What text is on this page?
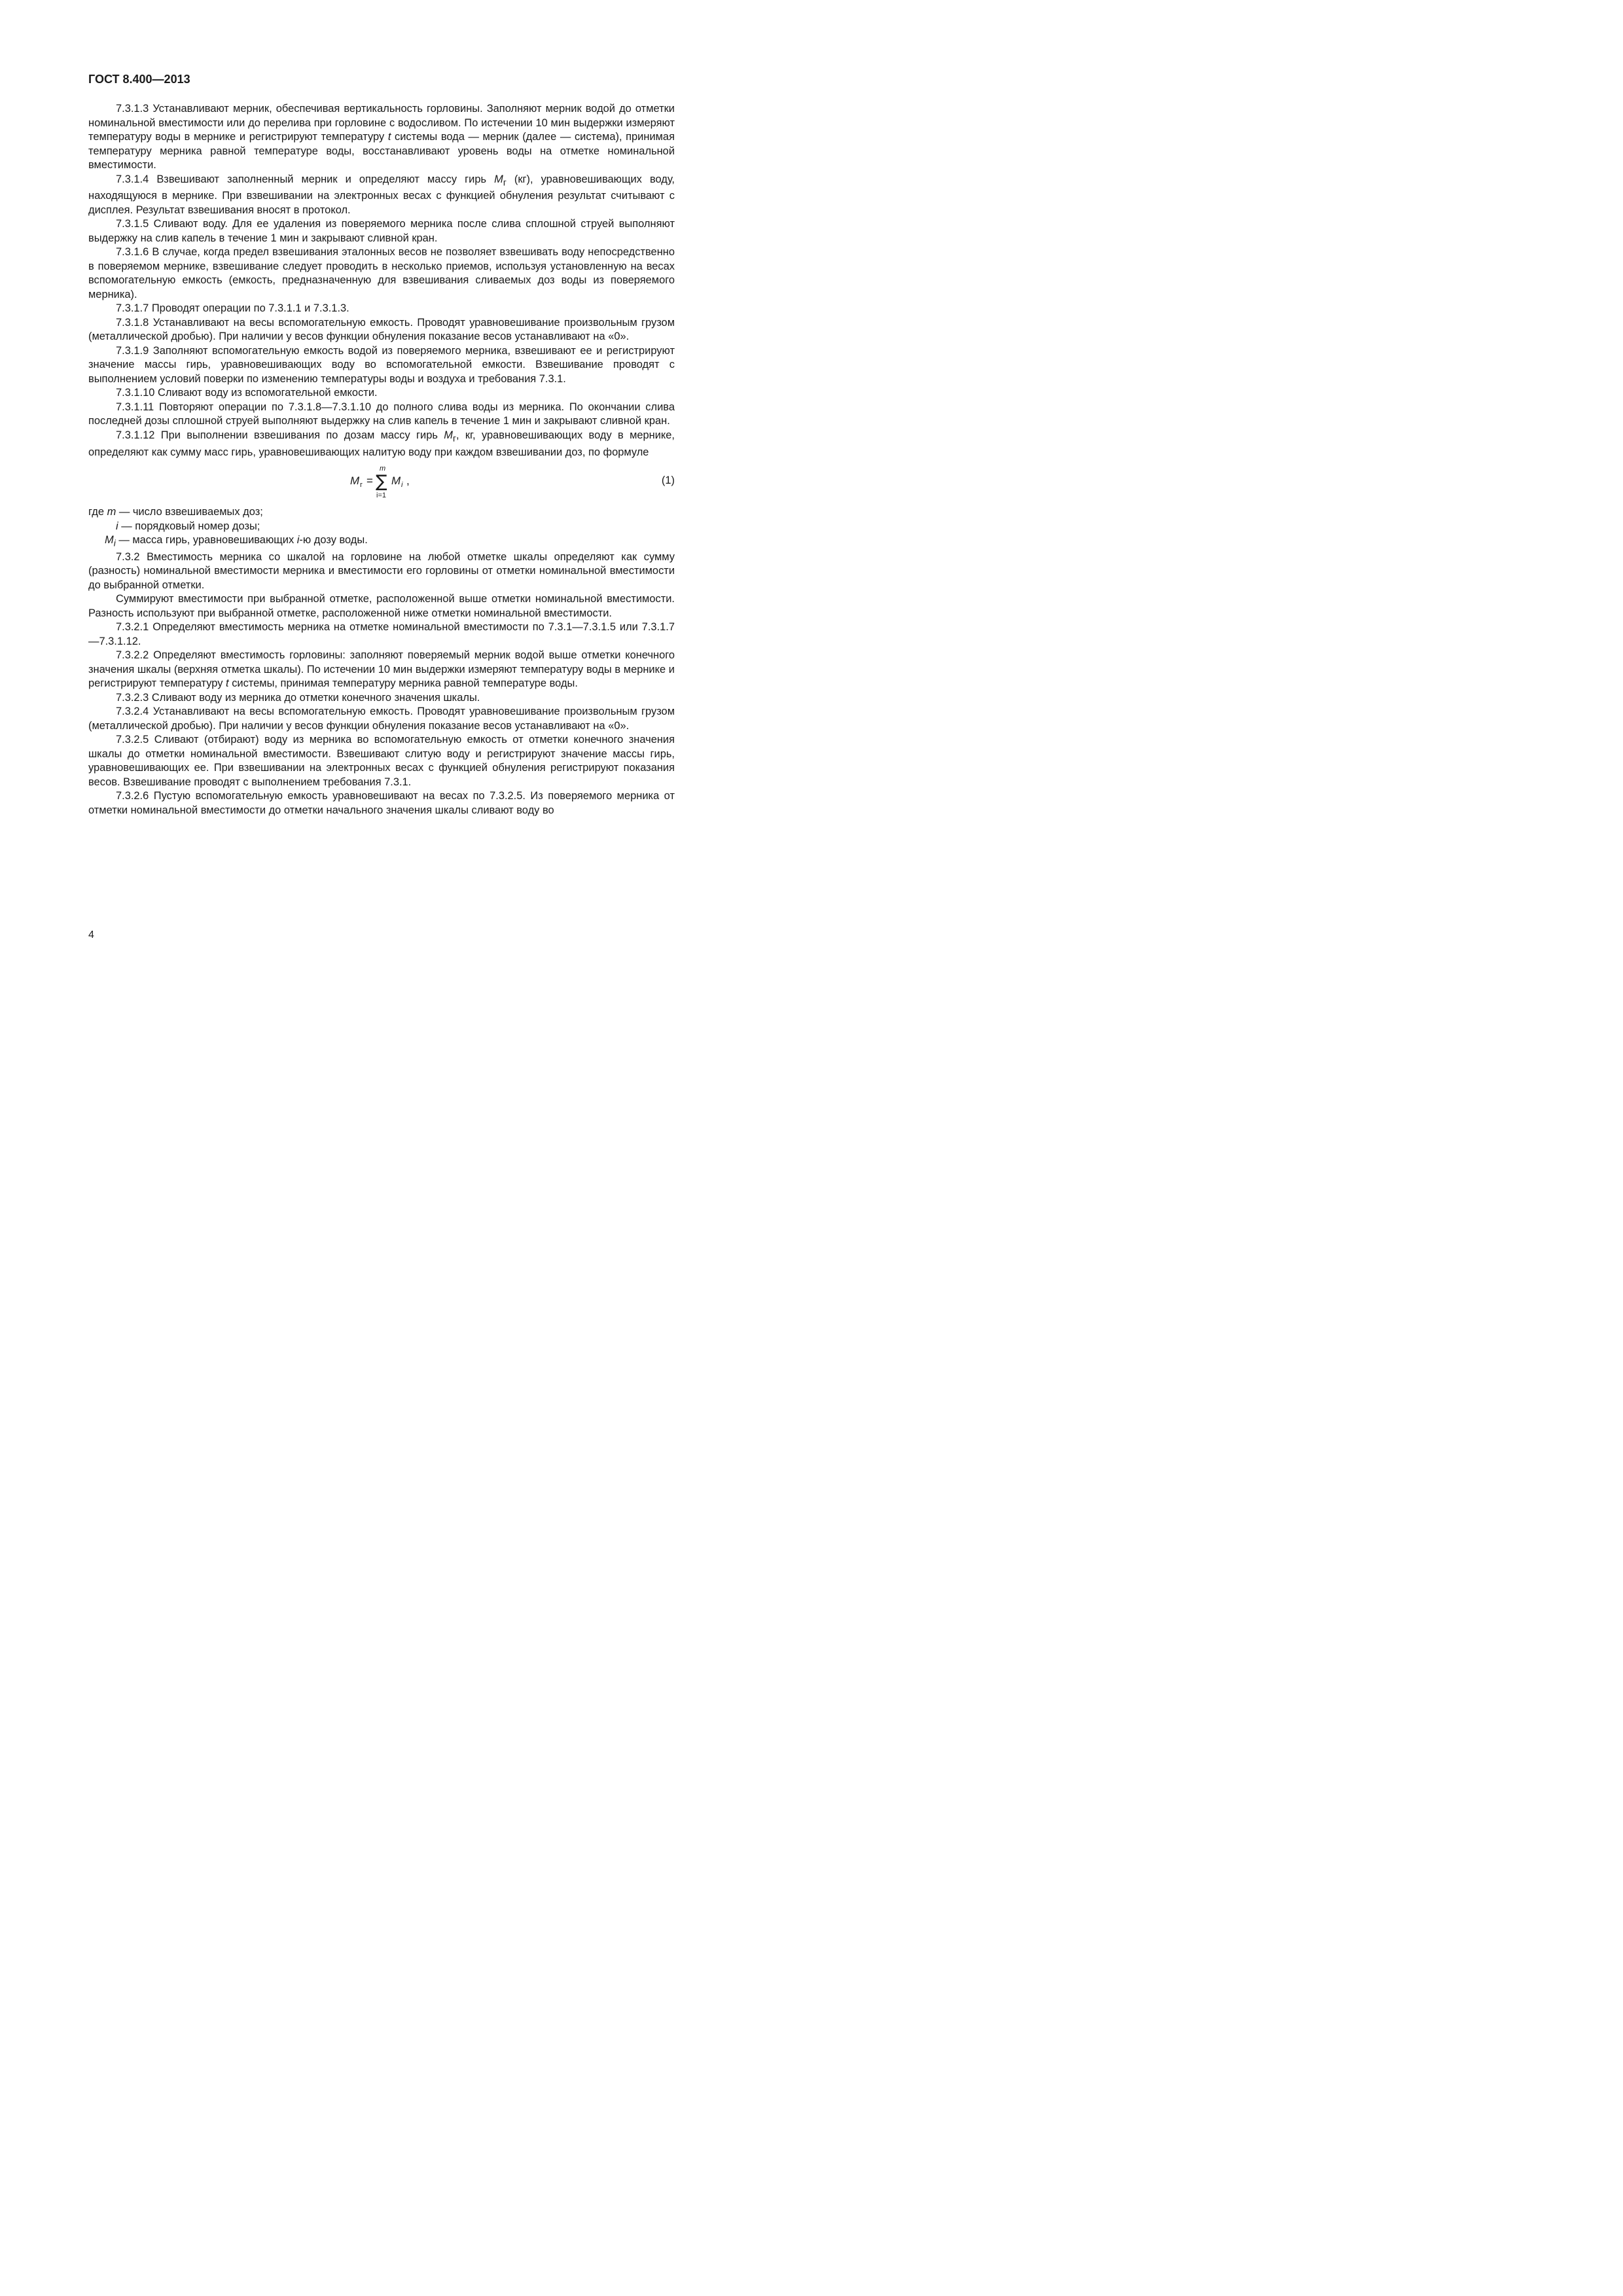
ГОСТ 8.400—2013

7.3.1.3 Устанавливают мерник, обеспечивая вертикальность горловины. Заполняют мерник водой до отметки номинальной вместимости или до перелива при горловине с водосливом. По истечении 10 мин выдержки измеряют температуру воды в мернике и регистрируют температуру t системы вода — мерник (далее — система), принимая температуру мерника равной температуре воды, восстанавливают уровень воды на отметке номинальной вместимости.

7.3.1.4 Взвешивают заполненный мерник и определяют массу гирь $M_г$ (кг), уравновешивающих воду, находящуюся в мернике. При взвешивании на электронных весах с функцией обнуления результат считывают с дисплея. Результат взвешивания вносят в протокол.

7.3.1.5 Сливают воду. Для ее удаления из поверяемого мерника после слива сплошной струей выполняют выдержку на слив капель в течение 1 мин и закрывают сливной кран.

7.3.1.6 В случае, когда предел взвешивания эталонных весов не позволяет взвешивать воду непосредственно в поверяемом мернике, взвешивание следует проводить в несколько приемов, используя установленную на весах вспомогательную емкость (емкость, предназначенную для взвешивания сливаемых доз воды из поверяемого мерника).

7.3.1.7 Проводят операции по 7.3.1.1 и 7.3.1.3.

7.3.1.8 Устанавливают на весы вспомогательную емкость. Проводят уравновешивание произвольным грузом (металлической дробью). При наличии у весов функции обнуления показание весов устанавливают на «0».

7.3.1.9 Заполняют вспомогательную емкость водой из поверяемого мерника, взвешивают ее и регистрируют значение массы гирь, уравновешивающих воду во вспомогательной емкости. Взвешивание проводят с выполнением условий поверки по изменению температуры воды и воздуха и требования 7.3.1.

7.3.1.10 Сливают воду из вспомогательной емкости.

7.3.1.11 Повторяют операции по 7.3.1.8—7.3.1.10 до полного слива воды из мерника. По окончании слива последней дозы сплошной струей выполняют выдержку на слив капель в течение 1 мин и закрывают сливной кран.

7.3.1.12 При выполнении взвешивания по дозам массу гирь $M_г$, кг, уравновешивающих воду в мернике, определяют как сумму масс гирь, уравновешивающих налитую воду при каждом взвешивании доз, по формуле

M г =
m
∑
i=1
M i ,	(1)

где m — число взвешиваемых доз;

i — порядковый номер дозы;

$M_i$ — масса гирь, уравновешивающих i-ю дозу воды.

7.3.2 Вместимость мерника со шкалой на горловине на любой отметке шкалы определяют как сумму (разность) номинальной вместимости мерника и вместимости его горловины от отметки номинальной вместимости до выбранной отметки.

Суммируют вместимости при выбранной отметке, расположенной выше отметки номинальной вместимости. Разность используют при выбранной отметке, расположенной ниже отметки номинальной вместимости.

7.3.2.1 Определяют вместимость мерника на отметке номинальной вместимости по 7.3.1—7.3.1.5 или 7.3.1.7—7.3.1.12.

7.3.2.2 Определяют вместимость горловины: заполняют поверяемый мерник водой выше отметки конечного значения шкалы (верхняя отметка шкалы). По истечении 10 мин выдержки измеряют температуру воды в мернике и регистрируют температуру t системы, принимая температуру мерника равной температуре воды.

7.3.2.3 Сливают воду из мерника до отметки конечного значения шкалы.

7.3.2.4 Устанавливают на весы вспомогательную емкость. Проводят уравновешивание произвольным грузом (металлической дробью). При наличии у весов функции обнуления показание весов устанавливают на «0».

7.3.2.5 Сливают (отбирают) воду из мерника во вспомогательную емкость от отметки конечного значения шкалы до отметки номинальной вместимости. Взвешивают слитую воду и регистрируют значение массы гирь, уравновешивающих ее. При взвешивании на электронных весах с функцией обнуления регистрируют показания весов. Взвешивание проводят с выполнением требования 7.3.1.

7.3.2.6 Пустую вспомогательную емкость уравновешивают на весах по 7.3.2.5. Из поверяемого мерника от отметки номинальной вместимости до отметки начального значения шкалы сливают воду во

4
